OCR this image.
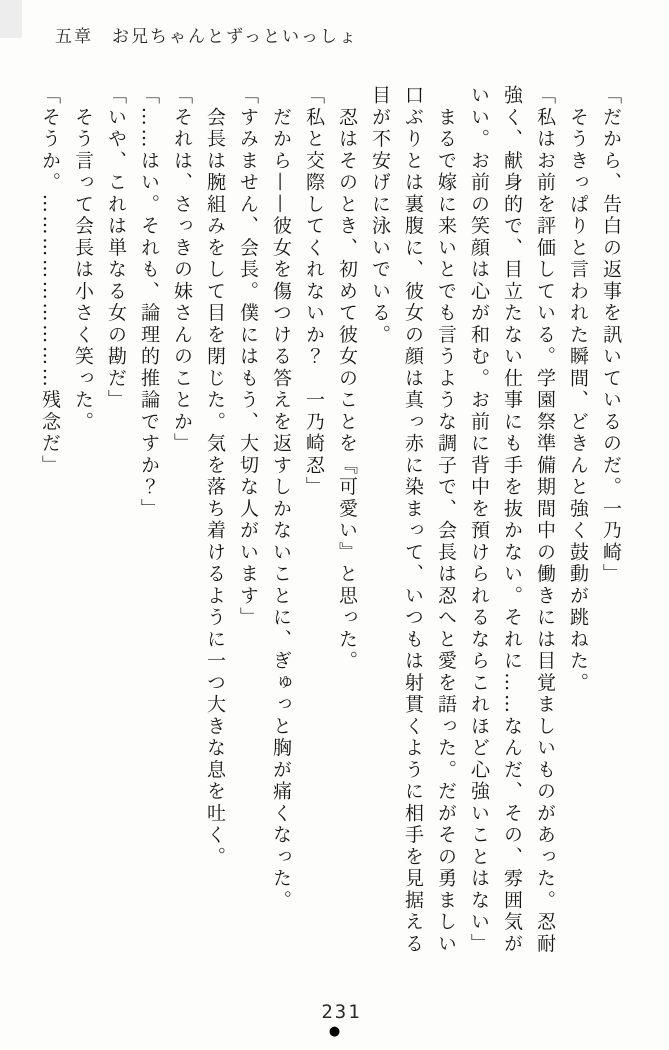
五章　お兄ちゃんとずっといっしょ

「だから、告白の返事を訊いているのだ。一乃崎」

　そうきっぱりと言われた瞬間、どきんと強く鼓動が跳ねた。

「私はお前を評価している。学園祭準備期間中の働きには目覚ましいものがあった。忍耐強く、献身的で、目立たない仕事にも手を抜かない。それに……なんだ、その、雰囲気がいい。お前の笑顔は心が和む。お前に背中を預けられるならこれほど心強いことはない」

　まるで嫁に来いとでも言うような調子で、会長は忍へと愛を語った。だがその勇ましい口ぶりとは裏腹に、彼女の顔は真っ赤に染まって、いつもは射貫くように相手を見据える目が不安げに泳いでいる。

　忍はそのとき、初めて彼女のことを『可愛い』と思った。

「私と交際してくれないか？　一乃崎忍」

　だから——彼女を傷つける答えを返すしかないことに、ぎゅっと胸が痛くなった。

「すみません、会長。僕にはもう、大切な人がいます」

　会長は腕組みをして目を閉じた。気を落ち着けるように一つ大きな息を吐く。

「それは、さっきの妹さんのことか」

「……はい。それも、論理的推論ですか？」

「いや、これは単なる女の勘だ」

　そう言って会長は小さく笑った。

「そうか。………………………残念だ」

231
●
